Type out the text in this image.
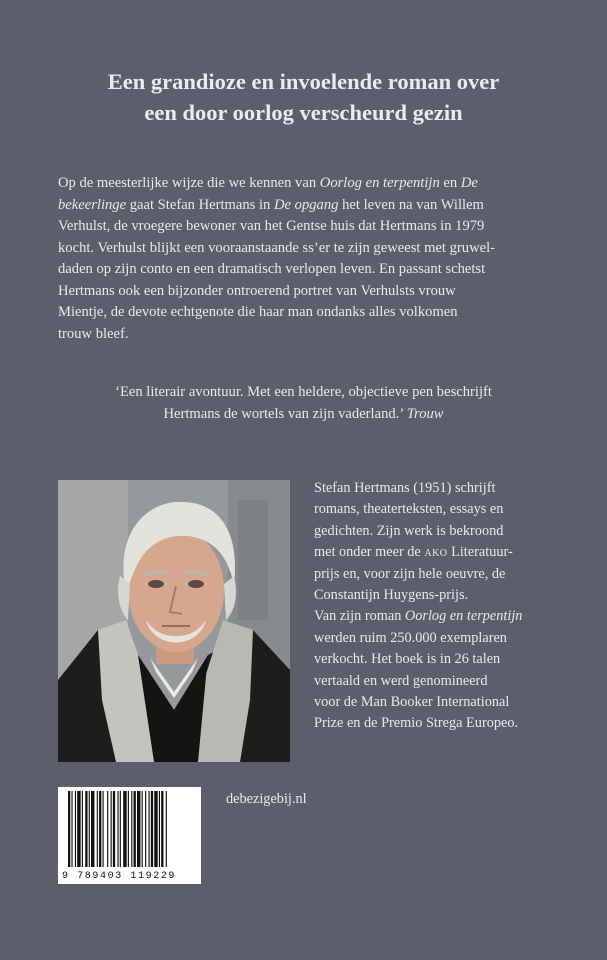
Een grandioze en invoelende roman over
een door oorlog verscheurd gezin
Op de meesterlijke wijze die we kennen van Oorlog en terpentijn en De
bekeerlinge gaat Stefan Hertmans in De opgang het leven na van Willem
Verhulst, de vroegere bewoner van het Gentse huis dat Hertmans in 1979
kocht. Verhulst blijkt een vooraanstaande ss’er te zijn geweest met gruwel-
daden op zijn conto en een dramatisch verlopen leven. En passant schetst
Hertmans ook een bijzonder ontroerend portret van Verhulsts vrouw
Mientje, de devote echtgenote die haar man ondanks alles volkomen
trouw bleef.
‘Een literair avontuur. Met een heldere, objectieve pen beschrijft
Hertmans de wortels van zijn vaderland.’ Trouw
Stefan Hertmans (1951) schrijft
romans, theaterteksten, essays en
gedichten. Zijn werk is bekroond
met onder meer de ako Literatuur-
prijs en, voor zijn hele oeuvre, de
Constantijn Huygens-prijs.
Van zijn roman Oorlog en terpentijn
werden ruim 250.000 exemplaren
verkocht. Het boek is in 26 talen
vertaald en werd genomineerd
voor de Man Booker International
Prize en de Premio Strega Europeo.
9 789403 119229
debezigebij.nl
